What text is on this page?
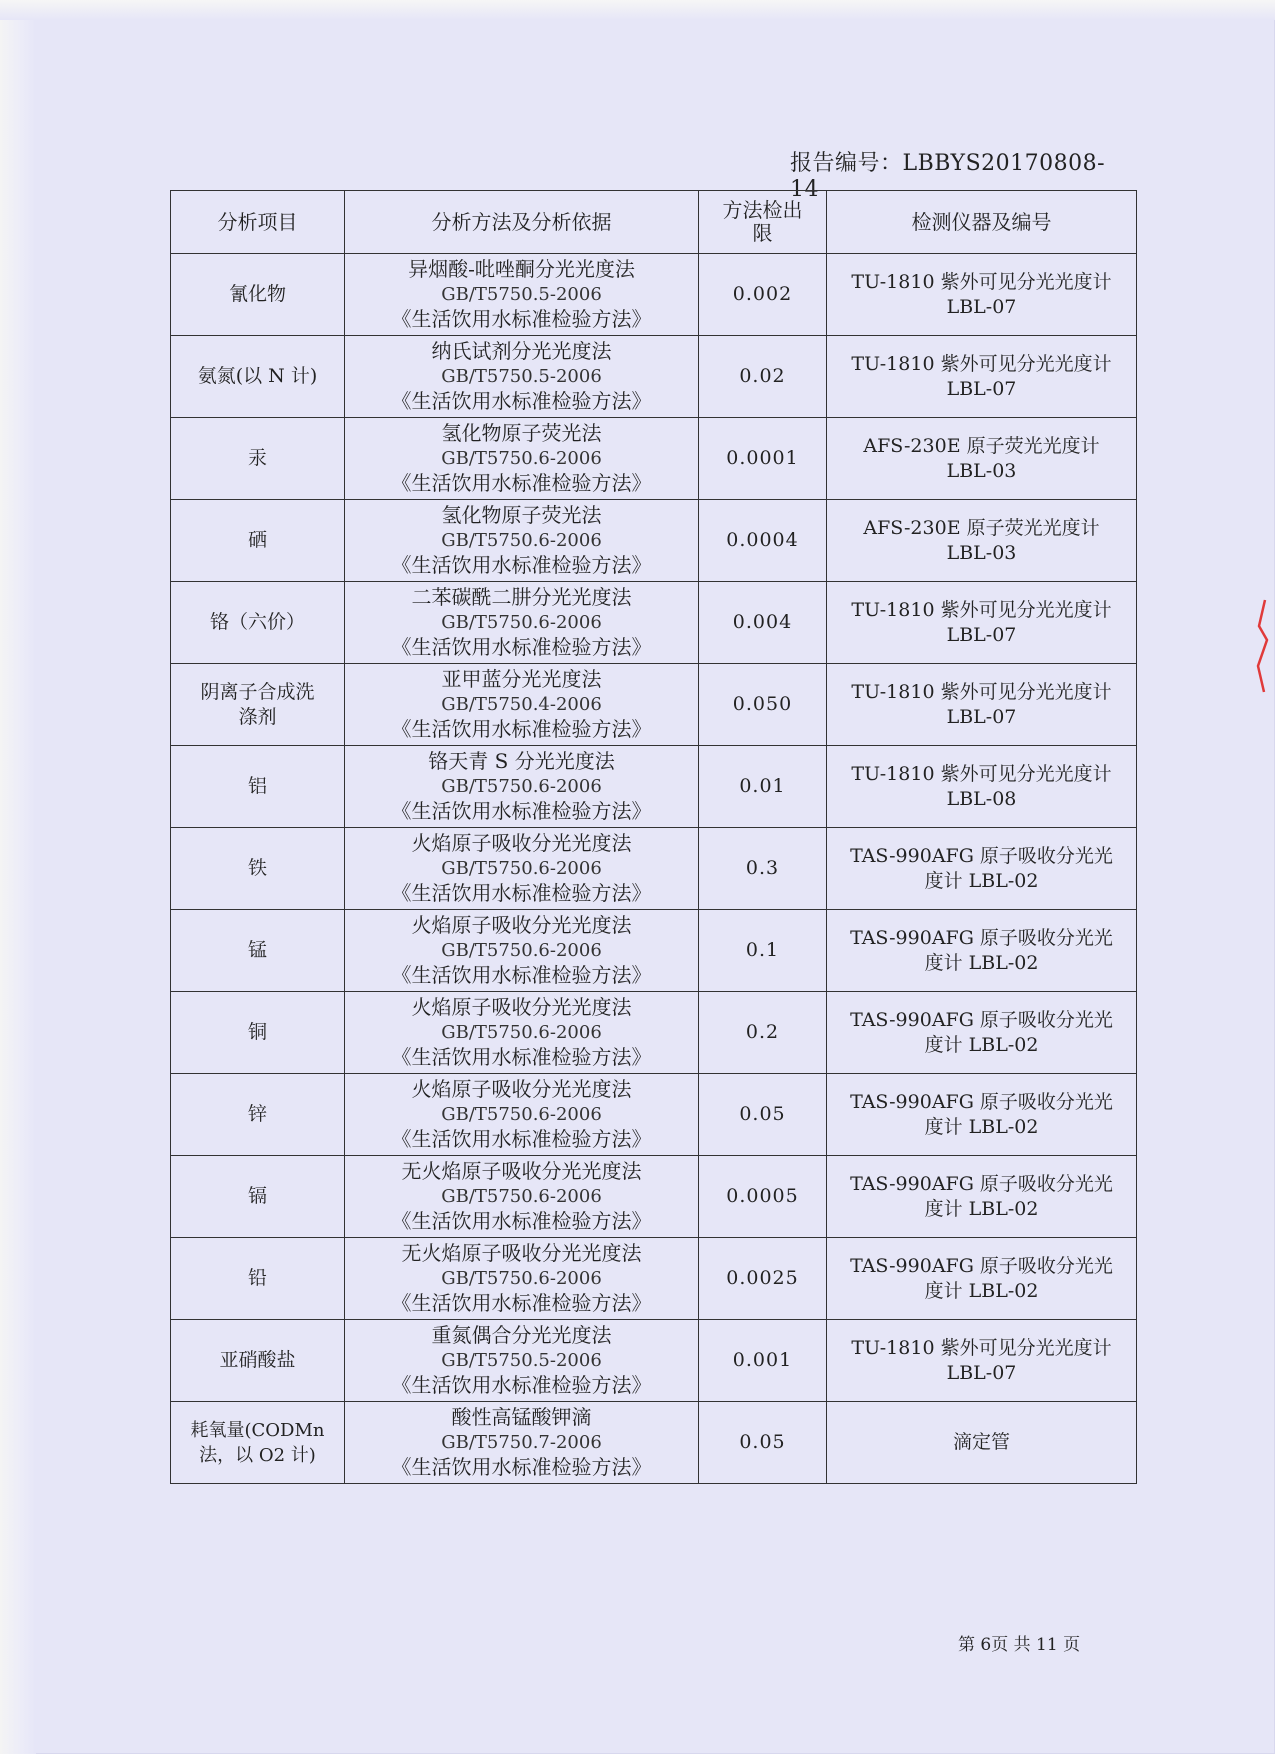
报告编号：LBBYS20170808-14
分析项目	分析方法及分析依据	方法检出限	检测仪器及编号
氰化物	异烟酸-吡唑酮分光光度法
GB/T5750.5-2006
《生活饮用水标准检验方法》	0.002	TU-1810 紫外可见分光光度计 LBL-07
氨氮(以 N 计)	纳氏试剂分光光度法
GB/T5750.5-2006
《生活饮用水标准检验方法》	0.02	TU-1810 紫外可见分光光度计 LBL-07
汞	氢化物原子荧光法
GB/T5750.6-2006
《生活饮用水标准检验方法》	0.0001	AFS-230E 原子荧光光度计 LBL-03
硒	氢化物原子荧光法
GB/T5750.6-2006
《生活饮用水标准检验方法》	0.0004	AFS-230E 原子荧光光度计 LBL-03
铬（六价）	二苯碳酰二肼分光光度法
GB/T5750.6-2006
《生活饮用水标准检验方法》	0.004	TU-1810 紫外可见分光光度计 LBL-07
阴离子合成洗涤剂	亚甲蓝分光光度法
GB/T5750.4-2006
《生活饮用水标准检验方法》	0.050	TU-1810 紫外可见分光光度计 LBL-07
铝	铬天青 S 分光光度法
GB/T5750.6-2006
《生活饮用水标准检验方法》	0.01	TU-1810 紫外可见分光光度计 LBL-08
铁	火焰原子吸收分光光度法
GB/T5750.6-2006
《生活饮用水标准检验方法》	0.3	TAS-990AFG 原子吸收分光光度计 LBL-02
锰	火焰原子吸收分光光度法
GB/T5750.6-2006
《生活饮用水标准检验方法》	0.1	TAS-990AFG 原子吸收分光光度计 LBL-02
铜	火焰原子吸收分光光度法
GB/T5750.6-2006
《生活饮用水标准检验方法》	0.2	TAS-990AFG 原子吸收分光光度计 LBL-02
锌	火焰原子吸收分光光度法
GB/T5750.6-2006
《生活饮用水标准检验方法》	0.05	TAS-990AFG 原子吸收分光光度计 LBL-02
镉	无火焰原子吸收分光光度法
GB/T5750.6-2006
《生活饮用水标准检验方法》	0.0005	TAS-990AFG 原子吸收分光光度计 LBL-02
铅	无火焰原子吸收分光光度法
GB/T5750.6-2006
《生活饮用水标准检验方法》	0.0025	TAS-990AFG 原子吸收分光光度计 LBL-02
亚硝酸盐	重氮偶合分光光度法
GB/T5750.5-2006
《生活饮用水标准检验方法》	0.001	TU-1810 紫外可见分光光度计 LBL-07
耗氧量(CODMn 法，以 O2 计)	酸性高锰酸钾滴
GB/T5750.7-2006
《生活饮用水标准检验方法》	0.05	滴定管
第 6页 共 11 页
